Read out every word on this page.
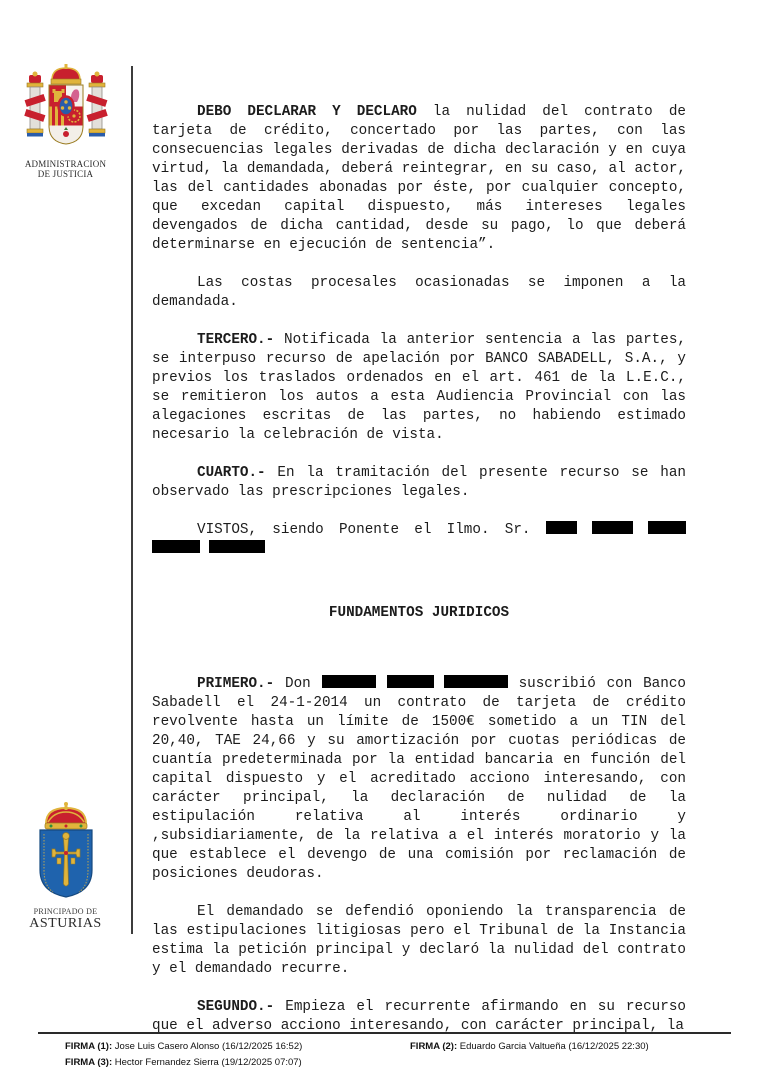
ADMINISTRACION
DE JUSTICIA
PRINCIPADO DE
ASTURIAS

DEBO DECLARAR Y DECLARO la nulidad del contrato de tarjeta de crédito, concertado por las partes, con las consecuencias legales derivadas de dicha declaración y en cuya virtud, la demandada, deberá reintegrar, en su caso, al actor, las del cantidades abonadas por éste, por cualquier concepto, que excedan capital dispuesto, más intereses legales devengados de dicha cantidad, desde su pago, lo que deberá determinarse en ejecución de sentencia”.

Las costas procesales ocasionadas se imponen a la demandada.

TERCERO.- Notificada la anterior sentencia a las partes, se interpuso recurso de apelación por BANCO SABADELL, S.A., y previos los traslados ordenados en el art. 461 de la L.E.C., se remitieron los autos a esta Audiencia Provincial con las alegaciones escritas de las partes, no habiendo estimado necesario la celebración de vista.

CUARTO.- En la tramitación del presente recurso se han observado las prescripciones legales.

VISTOS, siendo Ponente el Ilmo. Sr.

FUNDAMENTOS JURIDICOS

PRIMERO.- Don	suscribió con Banco Sabadell el 24-1-2014 un contrato de tarjeta de crédito revolvente hasta un límite de 1500€ sometido a un TIN del 20,40, TAE 24,66 y su amortización por cuotas periódicas de cuantía predeterminada por la entidad bancaria en función del capital dispuesto y el acreditado acciono interesando, con carácter principal, la declaración de nulidad de la estipulación relativa al interés ordinario y ,subsidiariamente, de la relativa a el interés moratorio y la que establece el devengo de una comisión por reclamación de posiciones deudoras.

El demandado se defendió oponiendo la transparencia de las estipulaciones litigiosas pero el Tribunal de la Instancia estima la petición principal y declaró la nulidad del contrato y el demandado recurre.

SEGUNDO.- Empieza el recurrente afirmando en su recurso que el adverso acciono interesando, con carácter principal, la

FIRMA (1): Jose Luis Casero Alonso (16/12/2025 16:52)	FIRMA (2): Eduardo Garcia Valtueña (16/12/2025 22:30)
FIRMA (3): Hector Fernandez Sierra (19/12/2025 07:07)
